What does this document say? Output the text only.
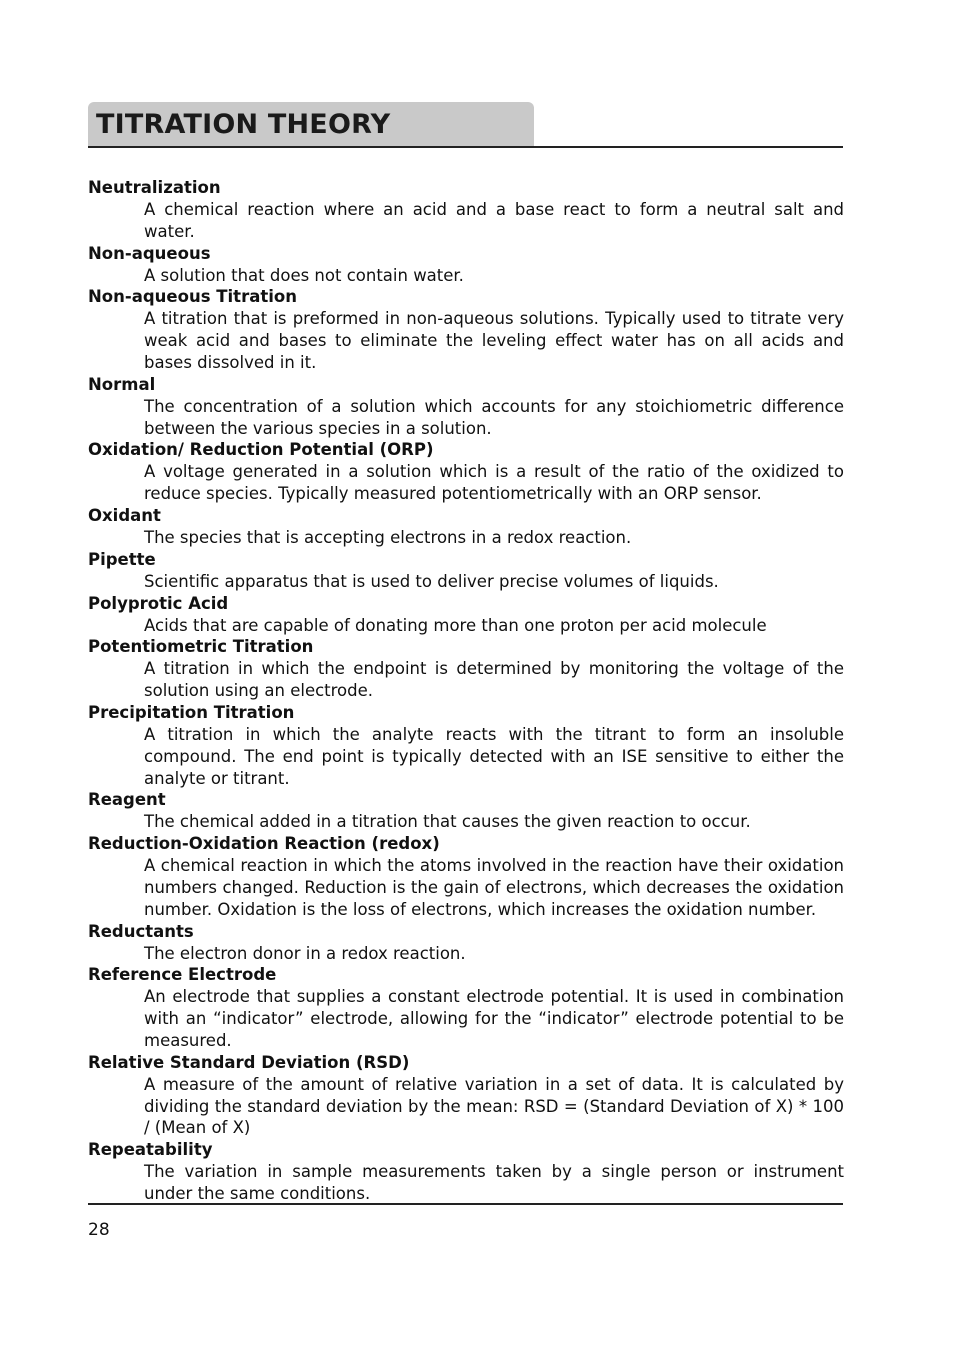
TITRATION THEORY

Neutralization

A chemical reaction where an acid and a base react to form a neutral salt and water.

Non-aqueous

A solution that does not contain water.

Non-aqueous Titration

A titration that is preformed in non-aqueous solutions. Typically used to titrate very weak acid and bases to eliminate the leveling effect water has on all acids and bases dissolved in it.

Normal

The concentration of a solution which accounts for any stoichiometric difference between the various species in a solution.

Oxidation/ Reduction Potential (ORP)

A voltage generated in a solution which is a result of the ratio of the oxidized to reduce species. Typically measured potentiometrically with an ORP sensor.

Oxidant

The species that is accepting electrons in a redox reaction.

Pipette

Scientific apparatus that is used to deliver precise volumes of liquids.

Polyprotic Acid

Acids that are capable of donating more than one proton per acid molecule

Potentiometric Titration

A titration in which the endpoint is determined by monitoring the voltage of the solution using an electrode.

Precipitation Titration

A titration in which the analyte reacts with the titrant to form an insoluble compound. The end point is typically detected with an ISE sensitive to either the analyte or titrant.

Reagent

The chemical added in a titration that causes the given reaction to occur.

Reduction-Oxidation Reaction (redox)

A chemical reaction in which the atoms involved in the reaction have their oxidation numbers changed. Reduction is the gain of electrons, which decreases the oxidation number. Oxidation is the loss of electrons, which increases the oxidation number.

Reductants

The electron donor in a redox reaction.

Reference Electrode

An electrode that supplies a constant electrode potential. It is used in combination with an “indicator” electrode, allowing for the “indicator” electrode potential to be measured.

Relative Standard Deviation (RSD)

A measure of the amount of relative variation in a set of data. It is calculated by dividing the standard deviation by the mean: RSD = (Standard Deviation of X) * 100 / (Mean of X)

Repeatability

The variation in sample measurements taken by a single person or instrument under the same conditions.

28
